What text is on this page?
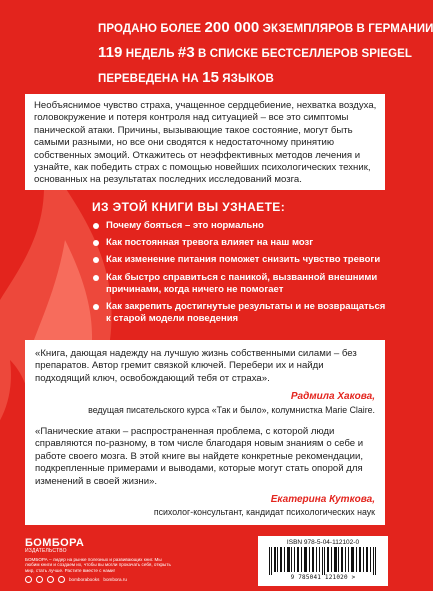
ПРОДАНО БОЛЕЕ 200 000 ЭКЗЕМПЛЯРОВ В ГЕРМАНИИ
119 НЕДЕЛЬ #3 В СПИСКЕ БЕСТСЕЛЛЕРОВ SPIEGEL
ПЕРЕВЕДЕНА НА 15 ЯЗЫКОВ
Необъяснимое чувство страха, учащенное сердцебиение, нехватка воздуха, головокружение и потеря контроля над ситуацией – все это симптомы панической атаки. Причины, вызывающие такое состояние, могут быть самыми разными, но все они сводятся к недостаточному принятию собственных эмоций. Откажитесь от неэффективных методов лечения и узнайте, как победить страх с помощью новейших психологических техник, основанных на результатах последних исследований мозга.
ИЗ ЭТОЙ КНИГИ ВЫ УЗНАЕТЕ:
Почему бояться – это нормально
Как постоянная тревога влияет на наш мозг
Как изменение питания поможет снизить чувство тревоги
Как быстро справиться с паникой, вызванной внешними причинами, когда ничего не помогает
Как закрепить достигнутые результаты и не возвращаться к старой модели поведения

«Книга, дающая надежду на лучшую жизнь собственными силами – без препаратов. Автор гремит связкой ключей. Перебери их и найди подходящий ключ, освобождающий тебя от страха».

Радмила Хакова,
ведущая писательского курса «Так и было», колумнистка Marie Claire.

«Панические атаки – распространенная проблема, с которой люди справляются по-разному, в том числе благодаря новым знаниям о себе и работе своего мозга. В этой книге вы найдете конкретные рекомендации, подкрепленные примерами и выводами, которые могут стать опорой для изменений в своей жизни».

Екатерина Куткова,
психолог-консультант, кандидат психологических наук
БОМБОРА
ИЗДАТЕЛЬСТВО
БОМБОРА – лидер на рынке полезных и развивающих книг. Мы любим книги и создаем их, чтобы вы могли прокачать себя, открыть мир, стать лучше. Растите вместе с нами!
bomborabooks bombora.ru
ISBN 978-5-04-112102-0
9 785041 121020 >
